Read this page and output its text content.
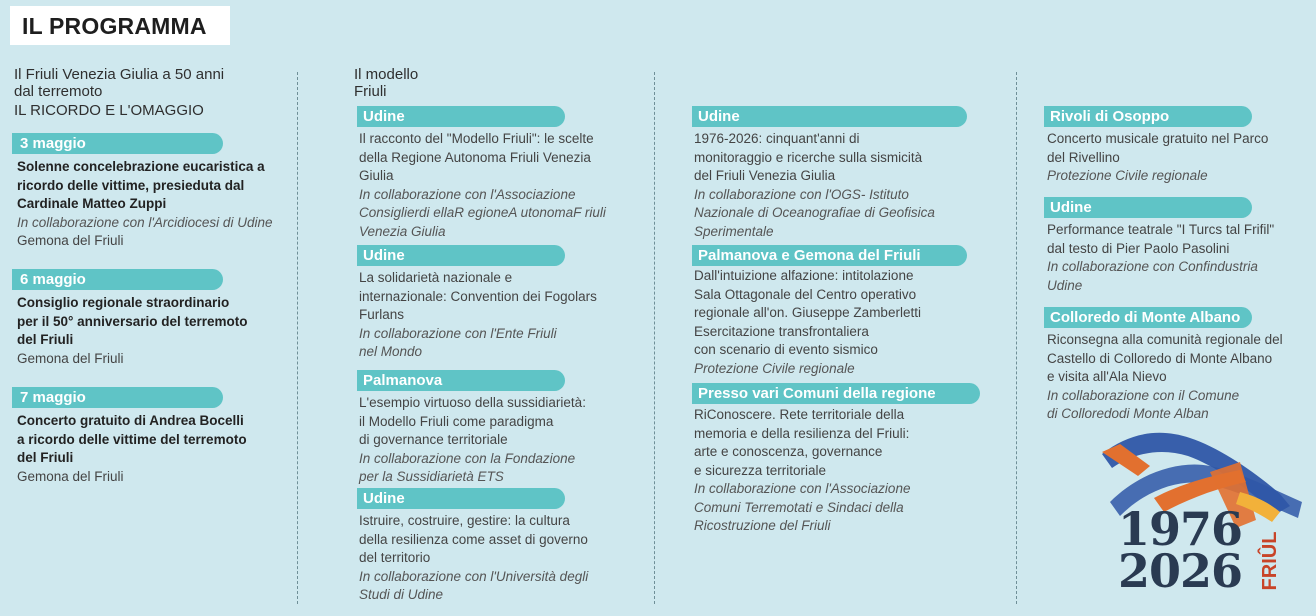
IL PROGRAMMA
Il Friuli Venezia Giulia a 50 anni
dal terremoto
IL RICORDO E L'OMAGGIO
3 maggio
Solenne concelebrazione eucaristica a
ricordo delle vittime, presieduta dal
Cardinale Matteo Zuppi
In collaborazione con l'Arcidiocesi di Udine
Gemona del Friuli
6 maggio
Consiglio regionale straordinario
per il 50° anniversario del terremoto
del Friuli
Gemona del Friuli
7 maggio
Concerto gratuito di Andrea Bocelli
a ricordo delle vittime del terremoto
del Friuli
Gemona del Friuli
Il modello
Friuli
Udine
Il racconto del "Modello Friuli": le scelte
della Regione Autonoma Friuli Venezia
Giulia
In collaborazione con l'Associazione
Consiglierdi ellaR egioneA utonomaF riuli
Venezia Giulia
Udine
La solidarietà nazionale e
internazionale: Convention dei Fogolars
Furlans
In collaborazione con l'Ente Friuli
nel Mondo
Palmanova
L'esempio virtuoso della sussidiarietà:
il Modello Friuli come paradigma
di governance territoriale
In collaborazione con la Fondazione
per la Sussidiarietà ETS
Udine
Istruire, costruire, gestire: la cultura
della resilienza come asset di governo
del territorio
In collaborazione con l'Università degli
Studi di Udine
Udine
1976-2026: cinquant'anni di
monitoraggio e ricerche sulla sismicità
del Friuli Venezia Giulia
In collaborazione con l'OGS- Istituto
Nazionale di Oceanografiae di Geofisica
Sperimentale
Palmanova e Gemona del Friuli
Dall'intuizione alfazione: intitolazione
Sala Ottagonale del Centro operativo
regionale all'on. Giuseppe Zamberletti
Esercitazione transfrontaliera
con scenario di evento sismico
Protezione Civile regionale
Presso vari Comuni della regione
RiConoscere. Rete territoriale della
memoria e della resilienza del Friuli:
arte e conoscenza, governance
e sicurezza territoriale
In collaborazione con l'Associazione
Comuni Terremotati e Sindaci della
Ricostruzione del Friuli
Rivoli di Osoppo
Concerto musicale gratuito nel Parco
del Rivellino
Protezione Civile regionale
Udine
Performance teatrale "I Turcs tal Frifil"
dal testo di Pier Paolo Pasolini
In collaborazione con Confindustria
Udine
Colloredo di Monte Albano
Riconsegna alla comunità regionale del
Castello di Colloredo di Monte Albano
e visita all'Ala Nievo
In collaborazione con il Comune
di Colloredodi Monte Alban
1976
2026 FRIÛL
